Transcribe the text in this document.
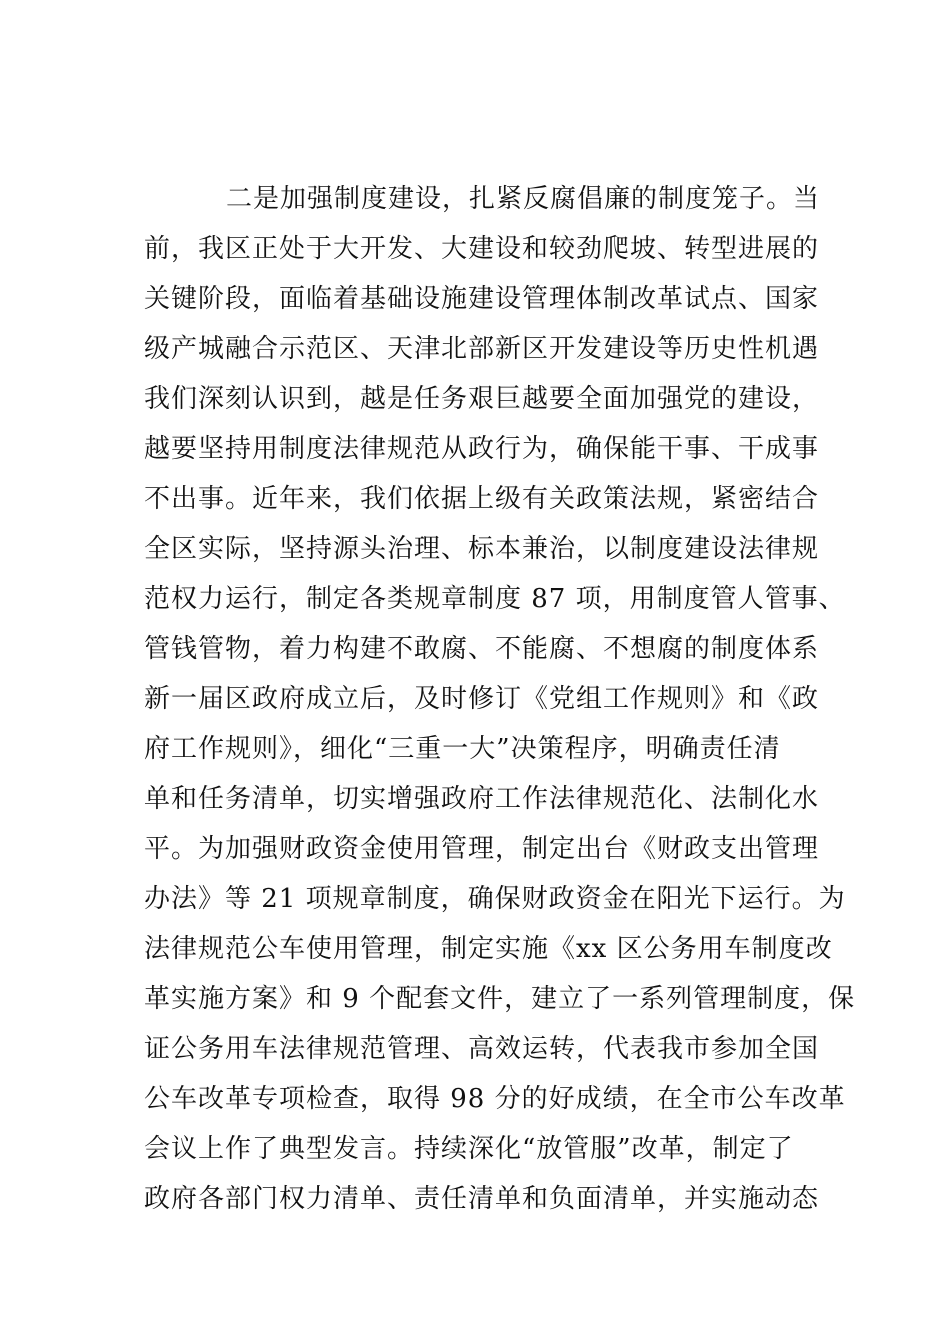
二是加强制度建设，扎紧反腐倡廉的制度笼子。当
前，我区正处于大开发、大建设和较劲爬坡、转型进展的
关键阶段，面临着基础设施建设管理体制改革试点、国家
级产城融合示范区、天津北部新区开发建设等历史性机遇
我们深刻认识到，越是任务艰巨越要全面加强党的建设，
越要坚持用制度法律规范从政行为，确保能干事、干成事
不出事。近年来，我们依据上级有关政策法规，紧密结合
全区实际，坚持源头治理、标本兼治，以制度建设法律规
范权力运行，制定各类规章制度 87 项，用制度管人管事、
管钱管物，着力构建不敢腐、不能腐、不想腐的制度体系
新一届区政府成立后，及时修订《党组工作规则》和《政
府工作规则》，细化“三重一大”决策程序，明确责任清
单和任务清单，切实增强政府工作法律规范化、法制化水
平。为加强财政资金使用管理，制定出台《财政支出管理
办法》等 21 项规章制度，确保财政资金在阳光下运行。为
法律规范公车使用管理，制定实施《xx 区公务用车制度改
革实施方案》和 9 个配套文件，建立了一系列管理制度，保
证公务用车法律规范管理、高效运转，代表我市参加全国
公车改革专项检查，取得 98 分的好成绩，在全市公车改革
会议上作了典型发言。持续深化“放管服”改革，制定了
政府各部门权力清单、责任清单和负面清单，并实施动态
